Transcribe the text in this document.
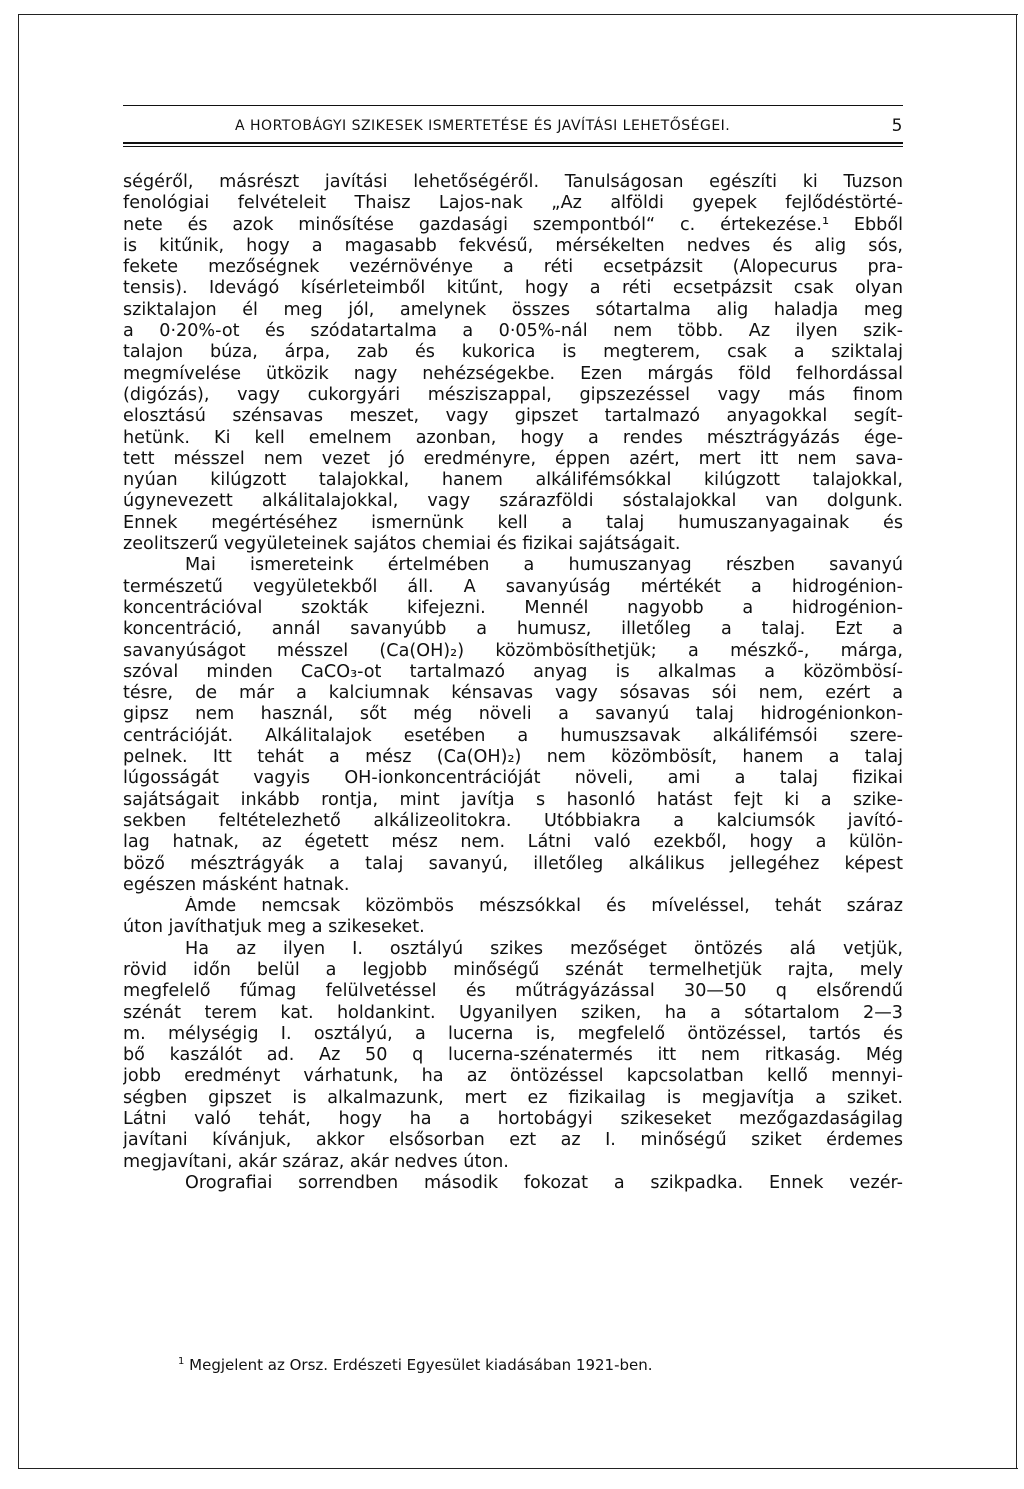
A HORTOBÁGYI SZIKESEK ISMERTETÉSE ÉS JAVÍTÁSI LEHETŐSÉGEI.	5
ségéről, másrészt javítási lehetőségéről. Tanulságosan egészíti ki Tuzson
fenológiai felvételeit Thaisz Lajos-nak „Az alföldi gyepek fejlődéstörté-
nete és azok minősítése gazdasági szempontból“ c. értekezése.¹ Ebből
is kitűnik, hogy a magasabb fekvésű, mérsékelten nedves és alig sós,
fekete mezőségnek vezérnövénye a réti ecsetpázsit (Alopecurus pra-
tensis). Idevágó kísérleteimből kitűnt, hogy a réti ecsetpázsit csak olyan
sziktalajon él meg jól, amelynek összes sótartalma alig haladja meg
a 0·20%-ot és szódatartalma a 0·05%-nál nem több. Az ilyen szik-
talajon búza, árpa, zab és kukorica is megterem, csak a sziktalaj
megmívelése ütközik nagy nehézségekbe. Ezen márgás föld felhordással
(digózás), vagy cukorgyári mésziszappal, gipszezéssel vagy más finom
elosztású szénsavas meszet, vagy gipszet tartalmazó anyagokkal segít-
hetünk. Ki kell emelnem azonban, hogy a rendes mésztrágyázás ége-
tett mésszel nem vezet jó eredményre, éppen azért, mert itt nem sava-
nyúan kilúgzott talajokkal, hanem alkálifémsókkal kilúgzott talajokkal,
úgynevezett alkálitalajokkal, vagy szárazföldi sóstalajokkal van dolgunk.
Ennek megértéséhez ismernünk kell a talaj humuszanyagainak és
zeolitszerű vegyületeinek sajátos chemiai és fizikai sajátságait.
Mai ismereteink értelmében a humuszanyag részben savanyú
természetű vegyületekből áll. A savanyúság mértékét a hidrogénion-
koncentrációval szokták kifejezni. Mennél nagyobb a hidrogénion-
koncentráció, annál savanyúbb a humusz, illetőleg a talaj. Ezt a
savanyúságot mésszel (Ca(OH)₂) közömbösíthetjük; a mészkő-, márga,
szóval minden CaCO₃-ot tartalmazó anyag is alkalmas a közömbösí-
tésre, de már a kalciumnak kénsavas vagy sósavas sói nem, ezért a
gipsz nem használ, sőt még növeli a savanyú talaj hidrogénionkon-
centrációját. Alkálitalajok esetében a humuszsavak alkálifémsói szere-
pelnek. Itt tehát a mész (Ca(OH)₂) nem közömbösít, hanem a talaj
lúgosságát vagyis OH-ionkoncentrációját növeli, ami a talaj fizikai
sajátságait inkább rontja, mint javítja s hasonló hatást fejt ki a szike-
sekben feltételezhető alkálizeolitokra. Utóbbiakra a kalciumsók javító-
lag hatnak, az égetett mész nem. Látni való ezekből, hogy a külön-
böző mésztrágyák a talaj savanyú, illetőleg alkálikus jellegéhez képest
egészen másként hatnak.
Ámde nemcsak közömbös mészsókkal és míveléssel, tehát száraz
úton javíthatjuk meg a szikeseket.
Ha az ilyen I. osztályú szikes mezőséget öntözés alá vetjük,
rövid időn belül a legjobb minőségű szénát termelhetjük rajta, mely
megfelelő fűmag felülvetéssel és műtrágyázással 30—50 q elsőrendű
szénát terem kat. holdankint. Ugyanilyen sziken, ha a sótartalom 2—3
m. mélységig I. osztályú, a lucerna is, megfelelő öntözéssel, tartós és
bő kaszálót ad. Az 50 q lucerna-szénatermés itt nem ritkaság. Még
jobb eredményt várhatunk, ha az öntözéssel kapcsolatban kellő mennyi-
ségben gipszet is alkalmazunk, mert ez fizikailag is megjavítja a sziket.
Látni való tehát, hogy ha a hortobágyi szikeseket mezőgazdaságilag
javítani kívánjuk, akkor elsősorban ezt az I. minőségű sziket érdemes
megjavítani, akár száraz, akár nedves úton.
Orografiai sorrendben második fokozat a szikpadka. Ennek vezér-
$^1$ Megjelent az Orsz. Erdészeti Egyesület kiadásában 1921-ben.
